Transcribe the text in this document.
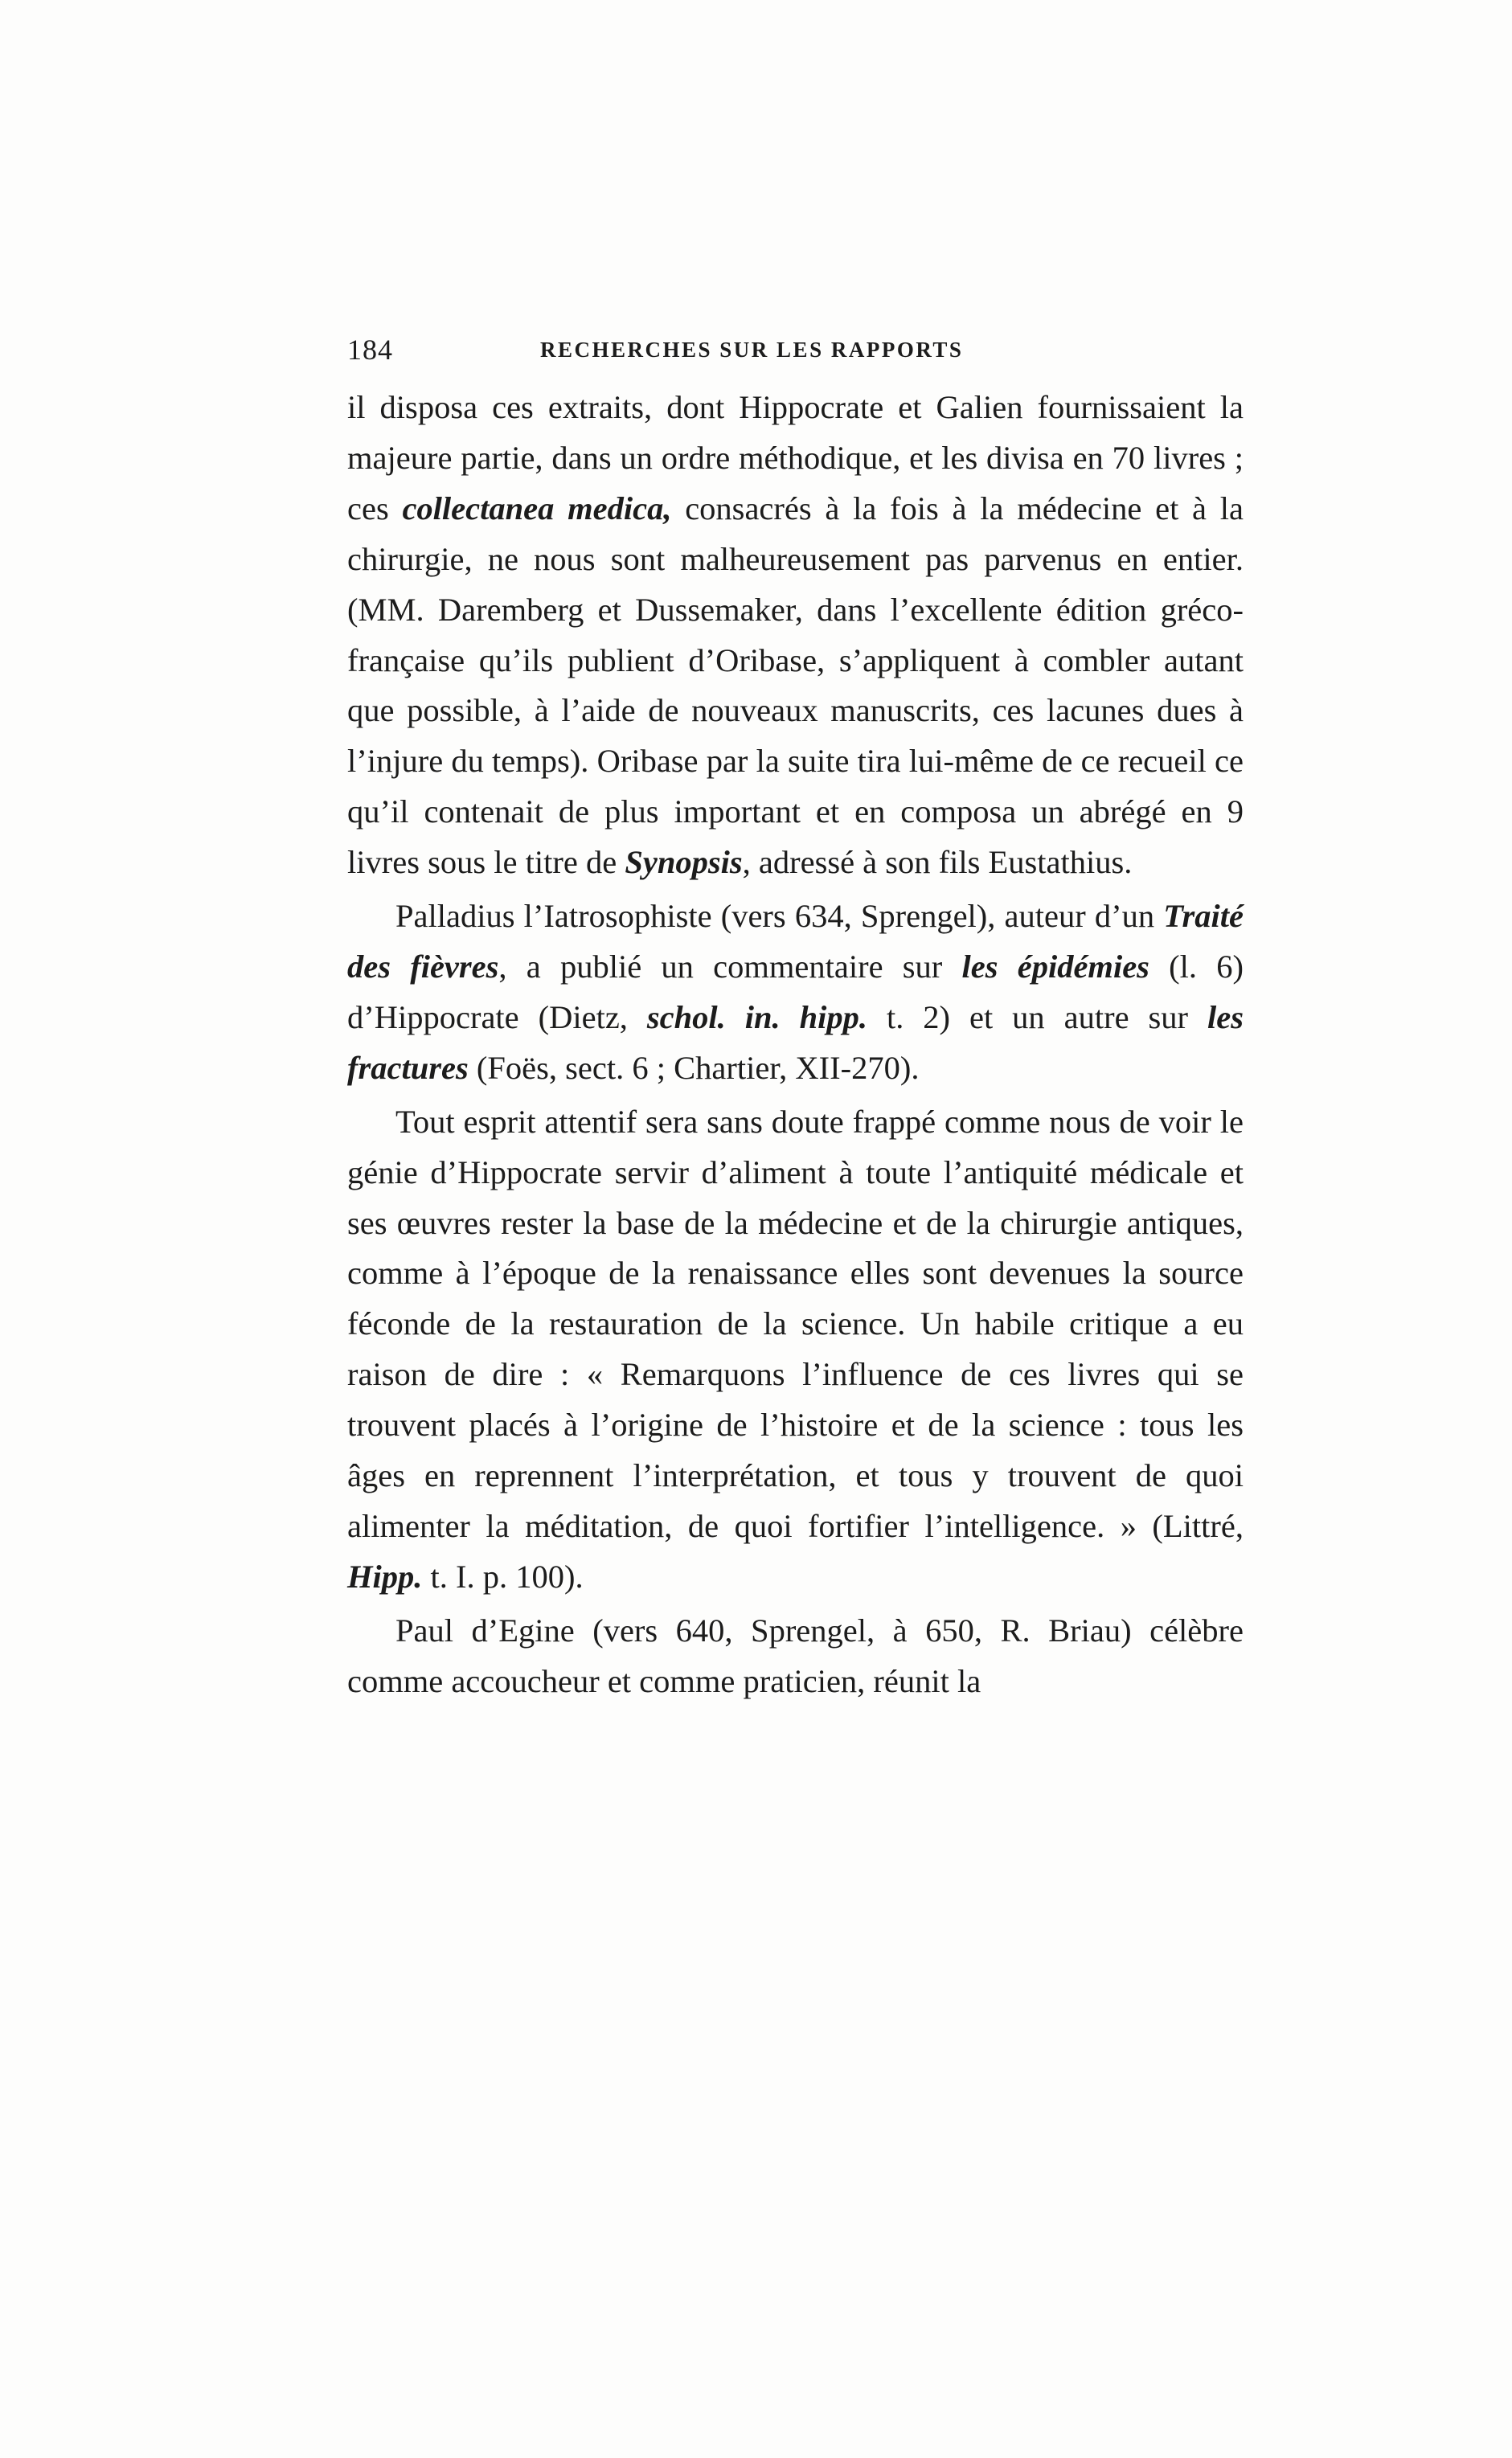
184	RECHERCHES SUR LES RAPPORTS

il disposa ces extraits, dont Hippocrate et Galien fournissaient la majeure partie, dans un ordre méthodique, et les divisa en 70 livres ; ces collectanea medica, consacrés à la fois à la médecine et à la chirurgie, ne nous sont malheureusement pas parvenus en entier. (MM. Daremberg et Dussemaker, dans l’excellente édition gréco-française qu’ils publient d’Oribase, s’appliquent à combler autant que possible, à l’aide de nouveaux manuscrits, ces lacunes dues à l’injure du temps). Oribase par la suite tira lui-même de ce recueil ce qu’il contenait de plus important et en composa un abrégé en 9 livres sous le titre de Synopsis, adressé à son fils Eustathius.

Palladius l’Iatrosophiste (vers 634, Sprengel), auteur d’un Traité des fièvres, a publié un commentaire sur les épidémies (l. 6) d’Hippocrate (Dietz, schol. in. hipp. t. 2) et un autre sur les fractures (Foës, sect. 6 ; Chartier, XII-270).

Tout esprit attentif sera sans doute frappé comme nous de voir le génie d’Hippocrate servir d’aliment à toute l’antiquité médicale et ses œuvres rester la base de la médecine et de la chirurgie antiques, comme à l’époque de la renaissance elles sont devenues la source féconde de la restauration de la science. Un habile critique a eu raison de dire : « Remarquons l’influence de ces livres qui se trouvent placés à l’origine de l’histoire et de la science : tous les âges en reprennent l’interprétation, et tous y trouvent de quoi alimenter la méditation, de quoi fortifier l’intelligence. » (Littré, Hipp. t. I. p. 100).

Paul d’Egine (vers 640, Sprengel, à 650, R. Briau) célèbre comme accoucheur et comme praticien, réunit la
